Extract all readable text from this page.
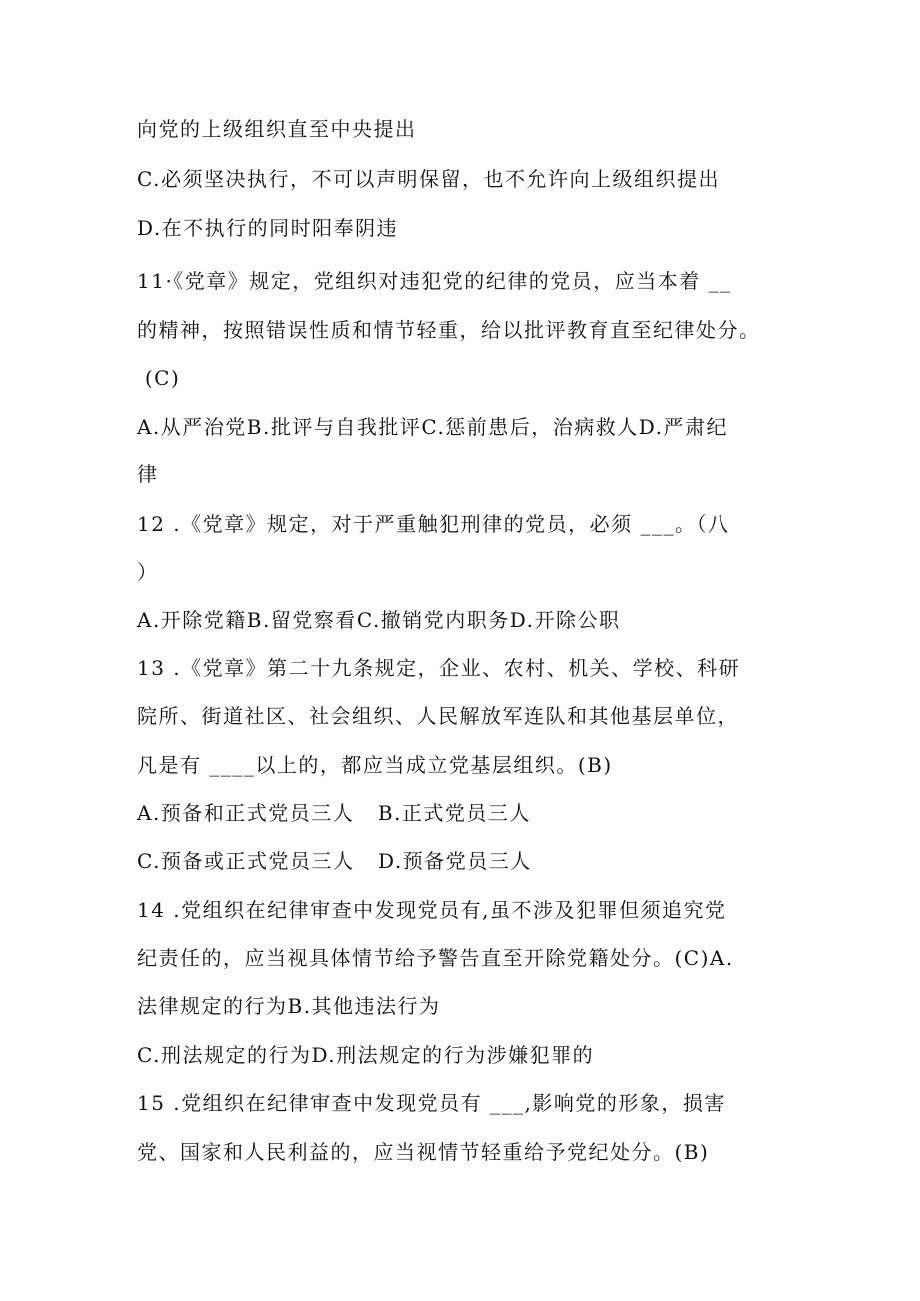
向党的上级组织直至中央提出
C.必须坚决执行，不可以声明保留，也不允许向上级组织提出
D.在不执行的同时阳奉阴违
11·《党章》规定，党组织对违犯党的纪律的党员，应当本着 __
的精神，按照错误性质和情节轻重，给以批评教育直至纪律处分。
(C)
A.从严治党B.批评与自我批评C.惩前患后，治病救人D.严肃纪
律
12 .《党章》规定，对于严重触犯刑律的党员，必须 ___。（八
）
A.开除党籍B.留党察看C.撤销党内职务D.开除公职
13 .《党章》第二十九条规定，企业、农村、机关、学校、科研
院所、街道社区、社会组织、人民解放军连队和其他基层单位，
凡是有 ____以上的，都应当成立党基层组织。(B)
A.预备和正式党员三人   B.正式党员三人
C.预备或正式党员三人   D.预备党员三人
14 .党组织在纪律审查中发现党员有,虽不涉及犯罪但须追究党
纪责任的，应当视具体情节给予警告直至开除党籍处分。(C)A.
法律规定的行为B.其他违法行为
C.刑法规定的行为D.刑法规定的行为涉嫌犯罪的
15 .党组织在纪律审查中发现党员有 ___,影响党的形象，损害
党、国家和人民利益的，应当视情节轻重给予党纪处分。(B)
